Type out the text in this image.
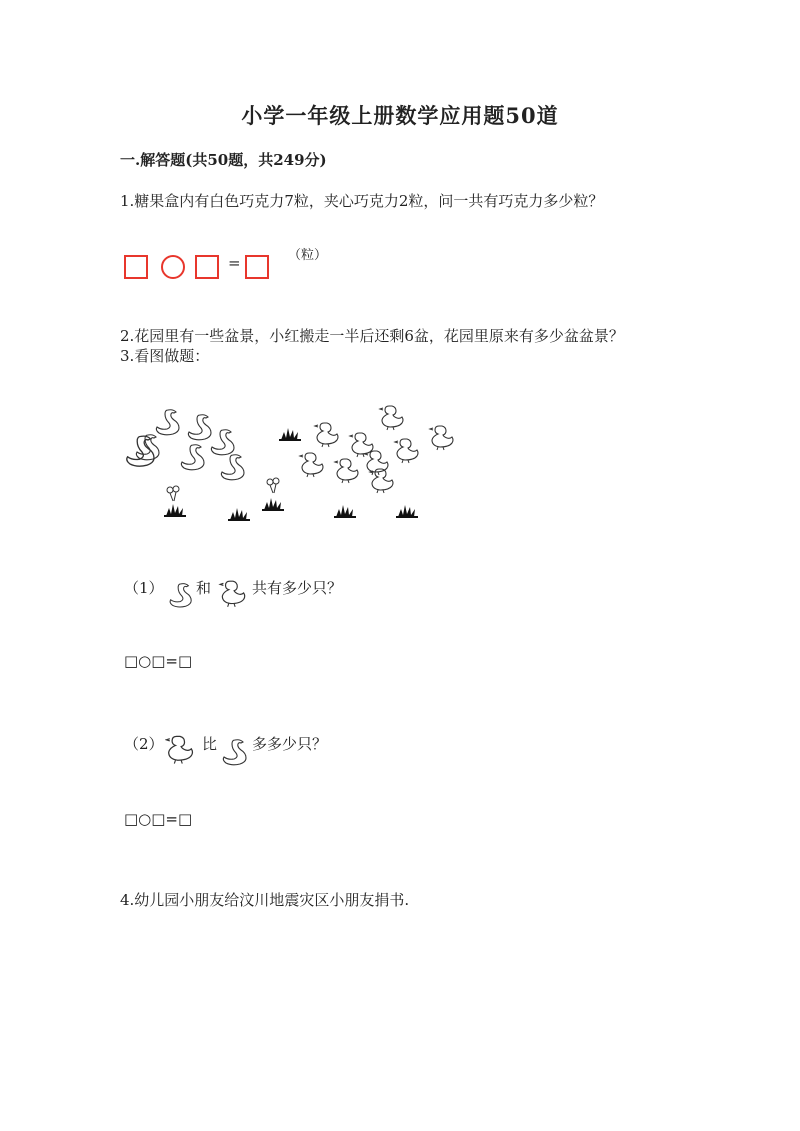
小学一年级上册数学应用题50道
一.解答题(共50题，共249分)
1.糖果盒内有白色巧克力7粒，夹心巧克力2粒，问一共有巧克力多少粒？
=	（粒）
2.花园里有一些盆景，小红搬走一半后还剩6盆，花园里原来有多少盆盆景？
3.看图做题：
（1） 和	共有多少只？
□○□=□
（2）	比 多多少只？
□○□=□
4.幼儿园小朋友给汶川地震灾区小朋友捐书.
